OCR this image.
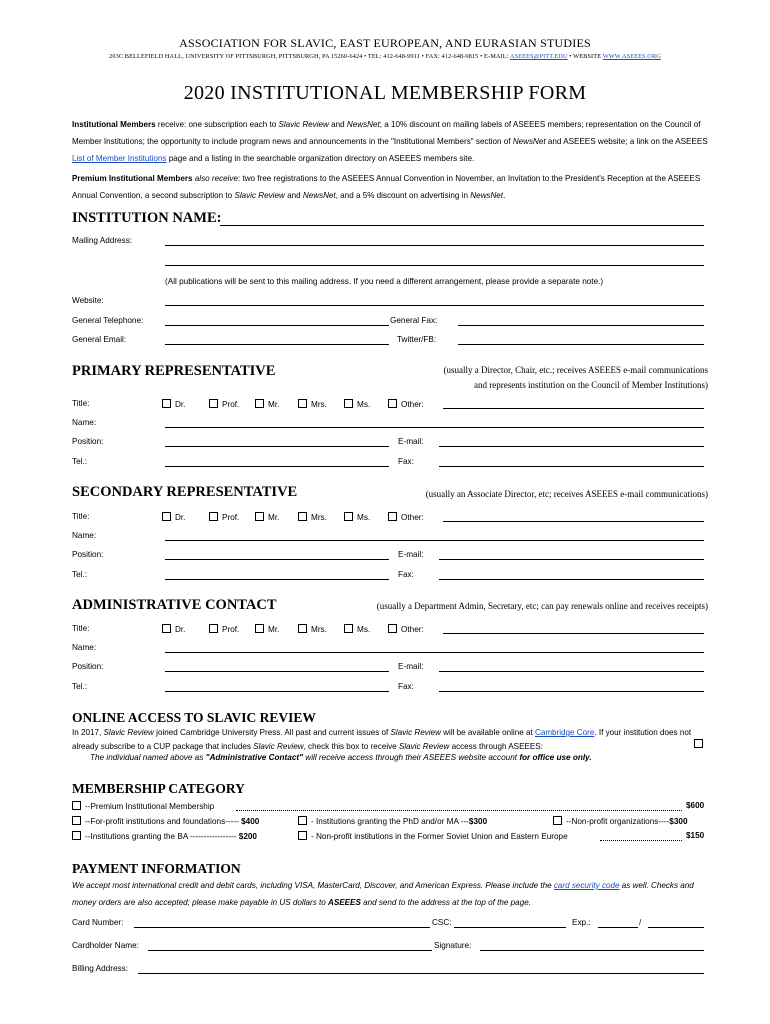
ASSOCIATION FOR SLAVIC, EAST EUROPEAN, AND EURASIAN STUDIES
203C BELLEFIELD HALL, UNIVERSITY OF PITTSBURGH, PITTSBURGH, PA 15260-6424 • TEL: 412-648-9911 • FAX: 412-648-9815 • E-MAIL: ASEEES@PITT.EDU • WEBSITE WWW.ASEEES.ORG
2020 INSTITUTIONAL MEMBERSHIP FORM
Institutional Members receive: one subscription each to Slavic Review and NewsNet; a 10% discount on mailing labels of ASEEES members; representation on the Council of Member Institutions; the opportunity to include program news and announcements in the "Institutional Members" section of NewsNet and ASEEES website; a link on the ASEEES List of Member Institutions page and a listing in the searchable organization directory on ASEEES members site.
Premium Institutional Members also receive: two free registrations to the ASEEES Annual Convention in November, an Invitation to the President's Reception at the ASEEES Annual Convention, a second subscription to Slavic Review and NewsNet, and a 5% discount on advertising in NewsNet.
INSTITUTION NAME:
Mailing Address:
(All publications will be sent to this mailing address. If you need a different arrangement, please provide a separate note.)
Website:
General Telephone:	General Fax:
General Email:	Twitter/FB:
PRIMARY REPRESENTATIVE	(usually a Director, Chair, etc.; receives ASEEES e-mail communications
and represents institution on the Council of Member Institutions)
SECONDARY REPRESENTATIVE	(usually an Associate Director, etc; receives ASEEES e-mail communications)
ADMINISTRATIVE CONTACT	(usually a Department Admin, Secretary, etc; can pay renewals online and receives receipts)
ONLINE ACCESS TO SLAVIC REVIEW
In 2017, Slavic Review joined Cambridge University Press. All past and current issues of Slavic Review will be available online at Cambridge Core. If your institution does not already subscribe to a CUP package that includes Slavic Review, check this box to receive Slavic Review access through ASEEES:
The individual named above as "Administrative Contact" will receive access through their ASEEES website account for office use only.
MEMBERSHIP CATEGORY
--Premium Institutional Membership	$600
--For-profit institutions and foundations----- $400	- Institutions granting the PhD and/or MA ---$300	--Non-profit organizations----$300
--Institutions granting the BA ----------------- $200	- Non-profit institutions in the Former Soviet Union and Eastern Europe	$150
PAYMENT INFORMATION
We accept most international credit and debit cards, including VISA, MasterCard, Discover, and American Express. Please include the card security code as well. Checks and money orders are also accepted; please make payable in US dollars to ASEEES and send to the address at the top of the page.
Card Number:	CSC:	Exp.:	/
Cardholder Name:	Signature:
Billing Address:
Title:	Dr.	Prof.	Mr.	Mrs.	Ms.	Other:
Name:
Position:	E-mail:
Tel.:	Fax:
Title:	Dr.	Prof.	Mr.	Mrs.	Ms.	Other:
Name:
Position:	E-mail:
Tel.:	Fax:
Title:	Dr.	Prof.	Mr.	Mrs.	Ms.	Other:
Name:
Position:	E-mail:
Tel.:	Fax:
